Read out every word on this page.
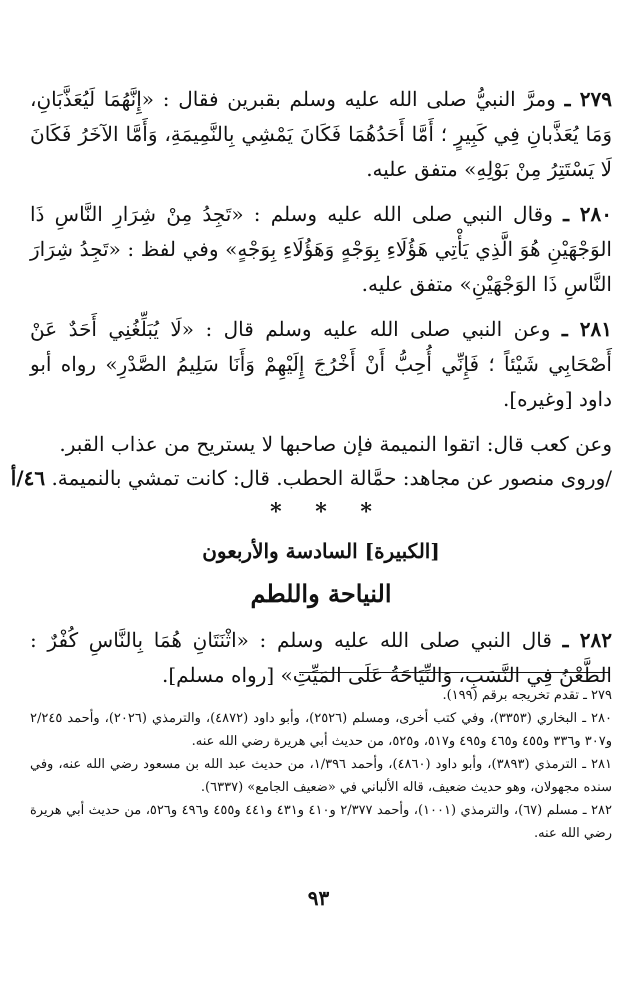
٢٧٩ ـ ومرَّ النبيُّ صلى الله عليه وسلم بقبرين فقال : «إِنَّهُمَا لَيُعَذَّبَانِ، وَمَا يُعَذَّبانِ فِي كَبِيرٍ ؛ أَمَّا أَحَدُهُمَا فَكَانَ يَمْشِي بِالنَّمِيمَةِ، وَأَمَّا الآخَرُ فَكَانَ لَا يَسْتَتِرُ مِنْ بَوْلِهِ» متفق عليه.

٢٨٠ ـ وقال النبي صلى الله عليه وسلم : «تَجِدُ مِنْ شِرَارِ النَّاسِ ذَا الوَجْهَيْنِ هُوَ الَّذِي يَأْتِي هَؤُلَاءِ بِوَجْهٍ وَهَؤُلَاءِ بِوَجْهٍ» وفي لفظ : «تَجِدُ شِرَارَ النَّاسِ ذَا الوَجْهَيْنِ» متفق عليه.

٢٨١ ـ وعن النبي صلى الله عليه وسلم قال : «لَا يُبَلِّغُنِي أَحَدٌ عَنْ أَصْحَابِي شَيْئاً ؛ فَإِنِّي أُحِبُّ أَنْ أَخْرُجَ إِلَيْهِمْ وَأَنَا سَلِيمُ الصَّدْرِ» رواه أبو داود [وغيره].

وعن كعب قال: اتقوا النميمة فإن صاحبها لا يستريح من عذاب القبر.

/وروى منصور عن مجاهد: حمَّالة الحطب. قال: كانت تمشي بالنميمة. ٤٦/أ

* * *
[الكبيرة] السادسة والأربعون
النياحة واللطم

٢٨٢ ـ قال النبي صلى الله عليه وسلم : «اثْنَتَانِ هُمَا بِالنَّاسِ كُفْرٌ : الطَّعْنُ فِي النَّسَبِ، وَالنِّيَاحَةُ عَلَى المَيِّتِ» [رواه مسلم].

٢٧٩ ـ تقدم تخريجه برقم (١٩٩).

٢٨٠ ـ البخاري (٣٣٥٣)، وفي كتب أخرى، ومسلم (٢٥٢٦)، وأبو داود (٤٨٧٢)، والترمذي (٢٠٢٦)، وأحمد ٢/٢٤٥ و٣٠٧ و٣٣٦ و٤٥٥ و٤٦٥ و٤٩٥ و٥١٧، و٥٢٥، من حديث أبي هريرة رضي الله عنه.

٢٨١ ـ الترمذي (٣٨٩٣)، وأبو داود (٤٨٦٠)، وأحمد ١/٣٩٦، من حديث عبد الله بن مسعود رضي الله عنه، وفي سنده مجهولان، وهو حديث ضعيف، قاله الألباني في «ضعيف الجامع» (٦٣٣٧).

٢٨٢ ـ مسلم (٦٧)، والترمذي (١٠٠١)، وأحمد ٢/٣٧٧ و٤١٠ و٤٣١ و٤٤١ و٤٥٥ و٤٩٦ و٥٢٦، من حديث أبي هريرة رضي الله عنه.

٩٣
